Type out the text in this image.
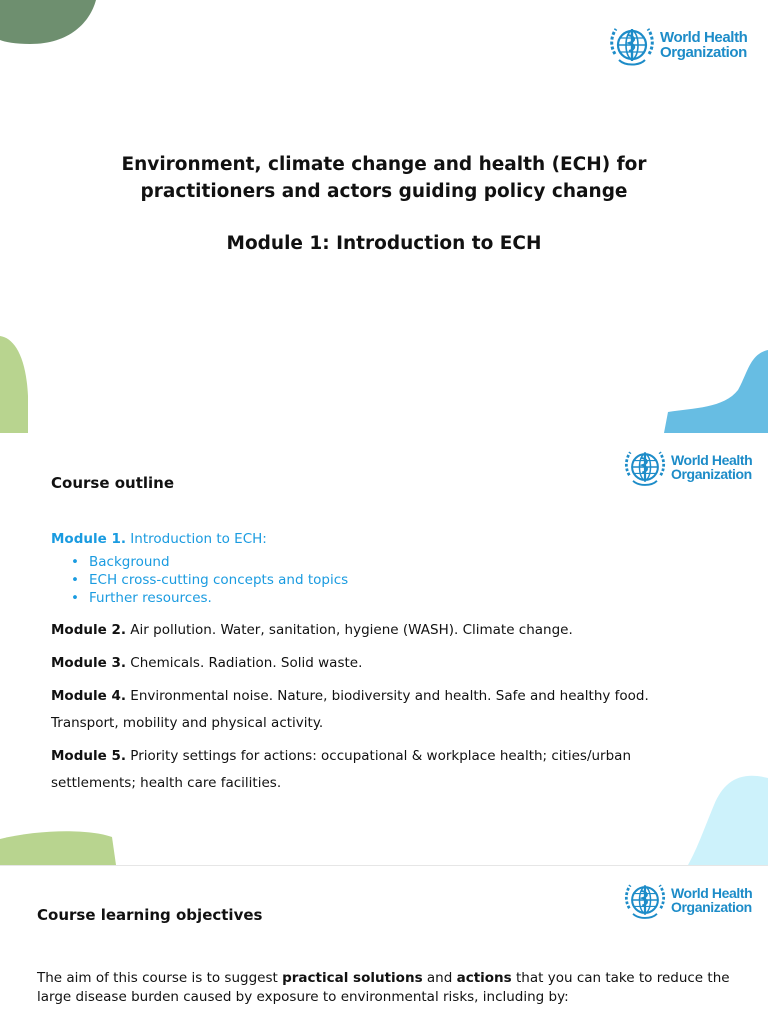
World Health
Organization
Environment, climate change and health (ECH) for
practitioners and actors guiding policy change
Module 1: Introduction to ECH
World Health
Organization
Course outline
Module 1. Introduction to ECH:
• Background
• ECH cross-cutting concepts and topics
• Further resources.
Module 2. Air pollution. Water, sanitation, hygiene (WASH). Climate change.
Module 3. Chemicals. Radiation. Solid waste.
Module 4. Environmental noise. Nature, biodiversity and health. Safe and healthy food. Transport, mobility and physical activity.
Module 5. Priority settings for actions: occupational & workplace health; cities/urban settlements; health care facilities.
World Health
Organization
Course learning objectives
The aim of this course is to suggest practical solutions and actions that you can take to reduce the large disease burden caused by exposure to environmental risks, including by:
